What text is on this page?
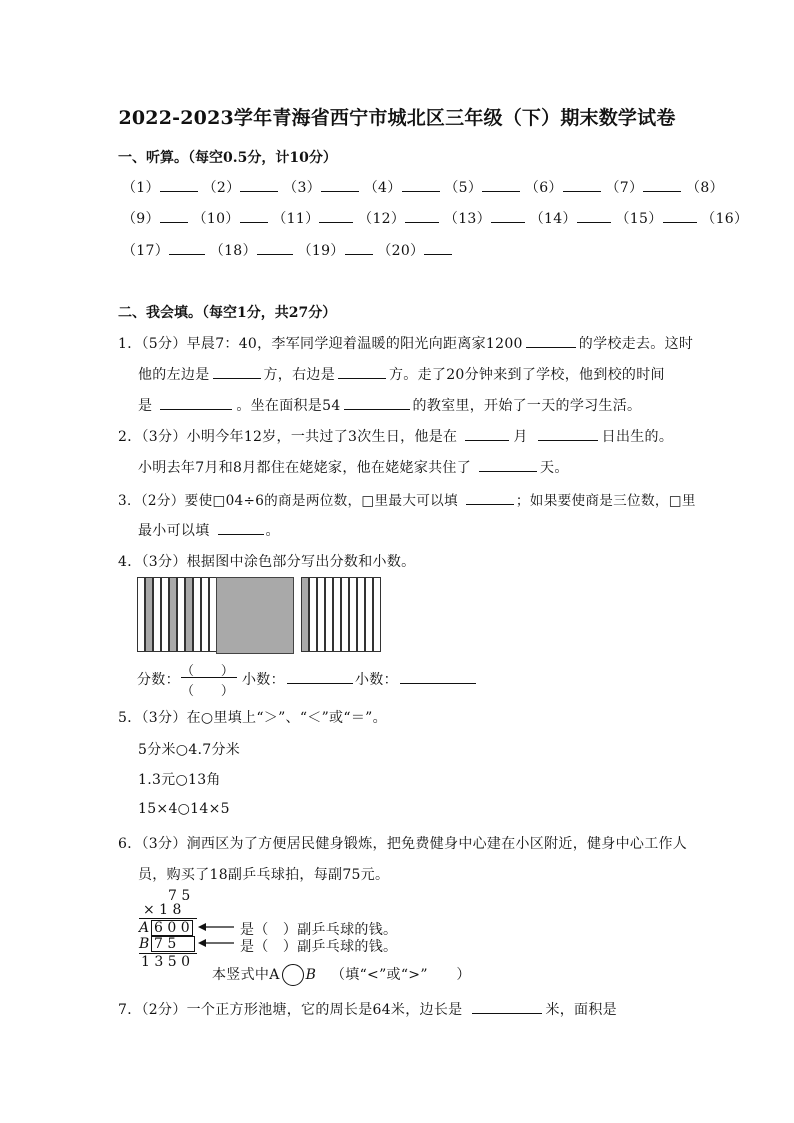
2022-2023学年青海省西宁市城北区三年级（下）期末数学试卷
一、听算。（每空0.5分，计10分）
（1）	（2）	（3）	（4）	（5）	（6）	（7）	（8）
（9） （10） （11）	（12）	（13）	（14）	（15）	（16）
（17）	（18）	（19） （20）
二、我会填。（每空1分，共27分）
1．（5分）早晨7：40，李军同学迎着温暖的阳光向距离家1200	的学校走去。这时
他的左边是	方，右边是	方。走了20分钟来到了学校，他到校的时间
是	。坐在面积是54	的教室里，开始了一天的学习生活。
2．（3分）小明今年12岁，一共过了3次生日，他是在	月	日出生的。
小明去年7月和8月都住在姥姥家，他在姥姥家共住了	天。
3．（2分）要使□04÷6的商是两位数，□里最大可以填	；如果要使商是三位数，□里
最小可以填	。
4．（3分）根据图中涂色部分写出分数和小数。
分数：
（　　）
（　　）
小数：	小数：
5．（3分）在○里填上“＞”、“＜”或“＝”。
5分米○4.7分米
1.3元○13角
15×4○14×5
6．（3分）涧西区为了方便居民健身锻炼，把免费健身中心建在小区附近，健身中心工作人
员，购买了18副乒乓球拍，每副75元。
7 5
× 1 8
A 6 0 0
B 7 5
1 3 5 0
是（　）副乒乓球的钱。
是（　）副乒乓球的钱。
本竖式中A B （填“<”或“>”　　）
7．（2分）一个正方形池塘，它的周长是64米，边长是	米，面积是
